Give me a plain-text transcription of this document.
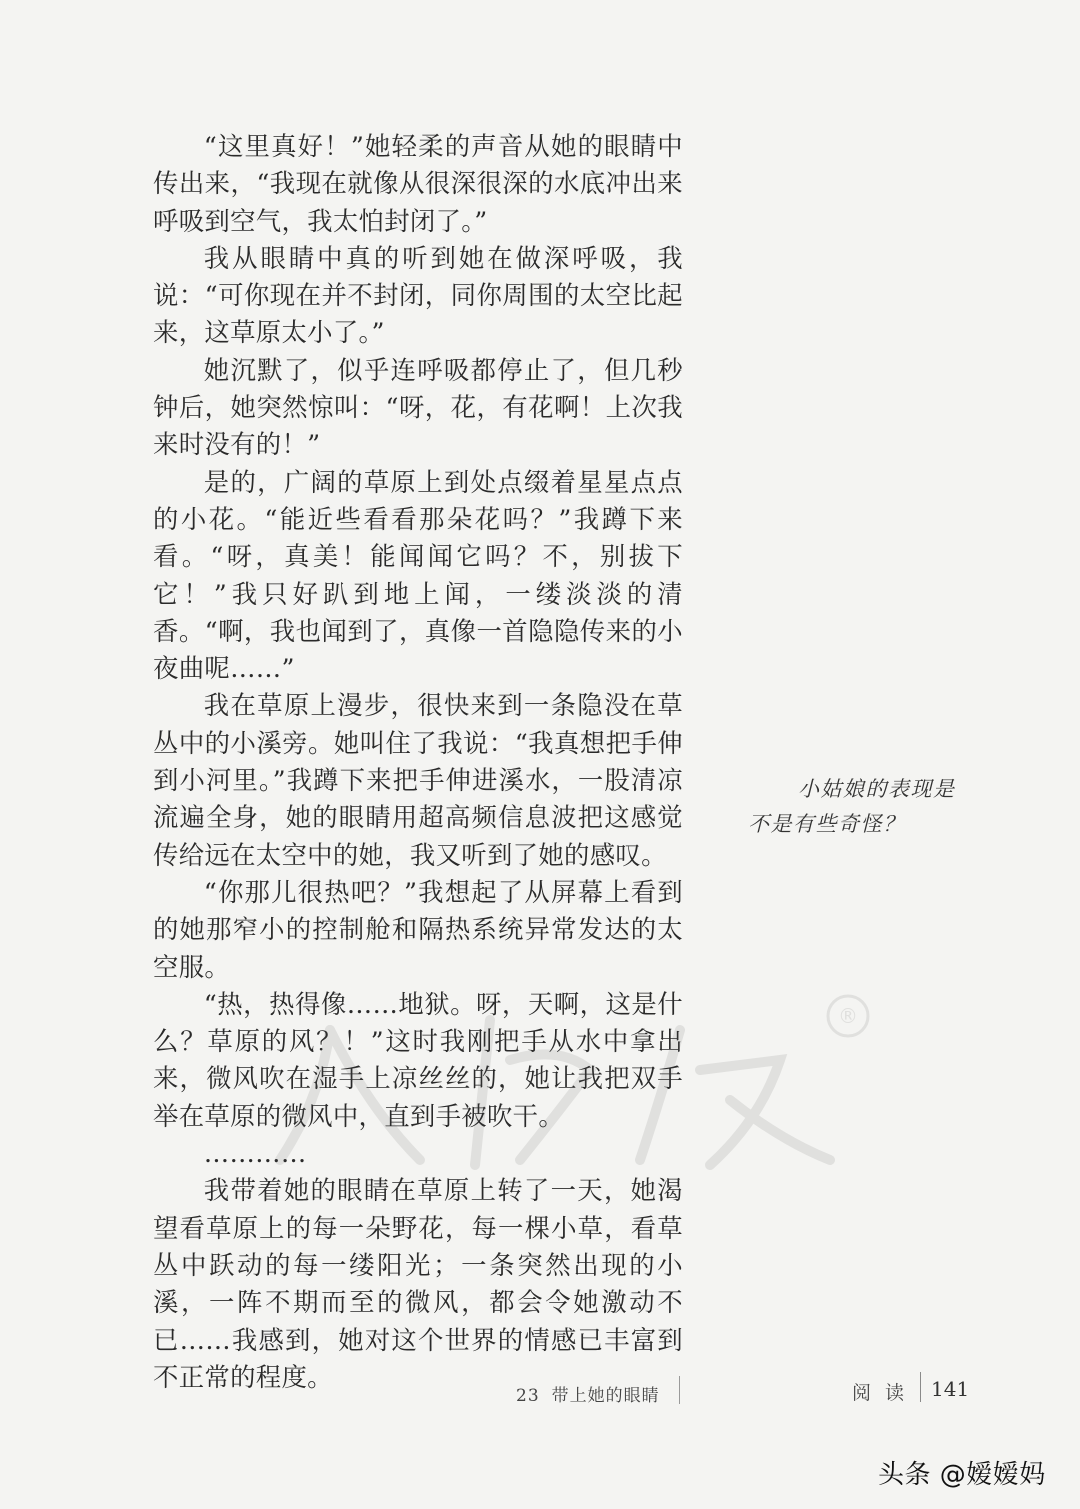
“这里真好！”她轻柔的声音从她的眼睛中传出来，“我现在就像从很深很深的水底冲出来呼吸到空气，我太怕封闭了。”

我从眼睛中真的听到她在做深呼吸，我说：“可你现在并不封闭，同你周围的太空比起来，这草原太小了。”

她沉默了，似乎连呼吸都停止了，但几秒钟后，她突然惊叫：“呀，花，有花啊！上次我来时没有的！”

是的，广阔的草原上到处点缀着星星点点的小花。“能近些看看那朵花吗？”我蹲下来看。“呀，真美！能闻闻它吗？不，别拔下它！”我只好趴到地上闻，一缕淡淡的清香。“啊，我也闻到了，真像一首隐隐传来的小夜曲呢……”

我在草原上漫步，很快来到一条隐没在草丛中的小溪旁。她叫住了我说：“我真想把手伸到小河里。”我蹲下来把手伸进溪水，一股清凉流遍全身，她的眼睛用超高频信息波把这感觉传给远在太空中的她，我又听到了她的感叹。

“你那儿很热吧？”我想起了从屏幕上看到的她那窄小的控制舱和隔热系统异常发达的太空服。

“热，热得像……地狱。呀，天啊，这是什么？草原的风？！”这时我刚把手从水中拿出来，微风吹在湿手上凉丝丝的，她让我把双手举在草原的微风中，直到手被吹干。

…………

我带着她的眼睛在草原上转了一天，她渴望看草原上的每一朵野花，每一棵小草，看草丛中跃动的每一缕阳光；一条突然出现的小溪，一阵不期而至的微风，都会令她激动不已……我感到，她对这个世界的情感已丰富到不正常的程度。

小姑娘的表现是
不是有些奇怪？
®
23 带上她的眼睛	阅 读 141
头条 @嫒嫒妈
